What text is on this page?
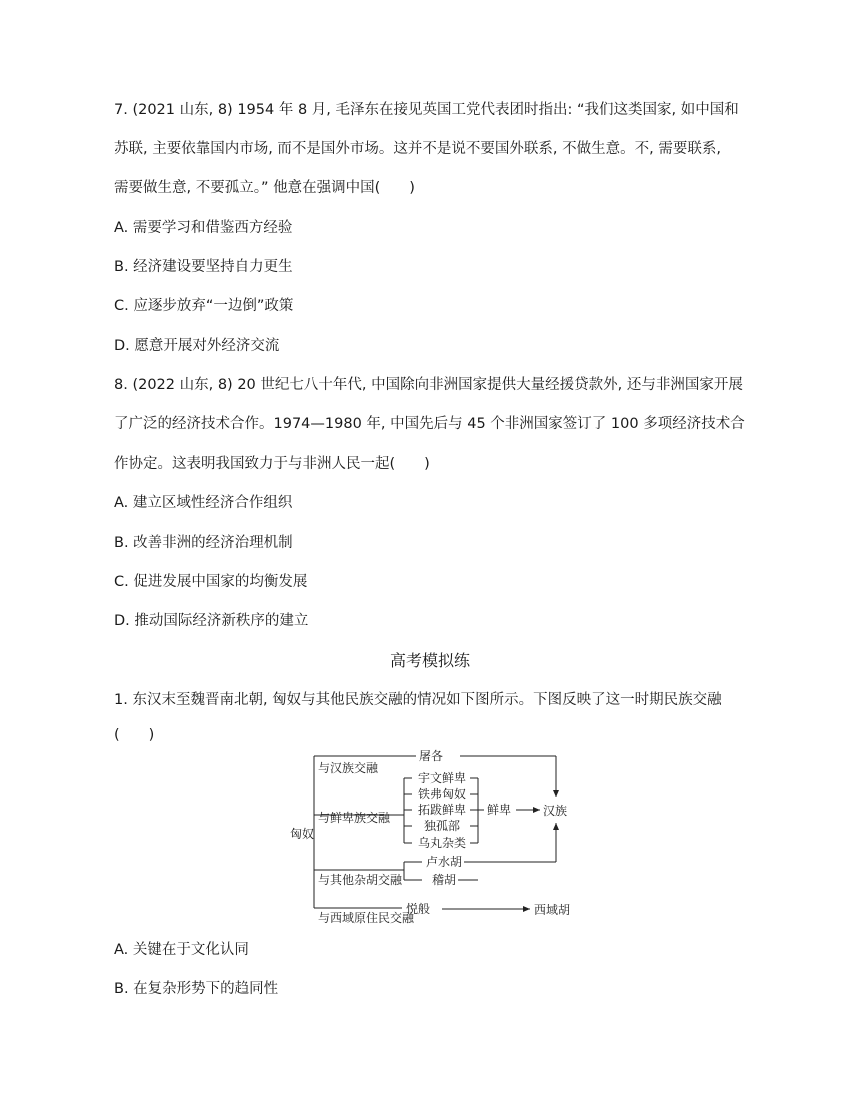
7. (2021 山东, 8) 1954 年 8 月, 毛泽东在接见英国工党代表团时指出: “我们这类国家, 如中国和
苏联, 主要依靠国内市场, 而不是国外市场。这并不是说不要国外联系, 不做生意。不, 需要联系,
需要做生意, 不要孤立。” 他意在强调中国(　　)
A. 需要学习和借鉴西方经验
B. 经济建设要坚持自力更生
C. 应逐步放弃“一边倒”政策
D. 愿意开展对外经济交流
8. (2022 山东, 8) 20 世纪七八十年代, 中国除向非洲国家提供大量经援贷款外, 还与非洲国家开展
了广泛的经济技术合作。1974—1980 年, 中国先后与 45 个非洲国家签订了 100 多项经济技术合
作协定。这表明我国致力于与非洲人民一起(　　)
A. 建立区域性经济合作组织
B. 改善非洲的经济治理机制
C. 促进发展中国家的均衡发展
D. 推动国际经济新秩序的建立
高考模拟练
1. 东汉末至魏晋南北朝, 匈奴与其他民族交融的情况如下图所示。下图反映了这一时期民族交融
(　　)
匈奴
与汉族交融
与鲜卑族交融
与其他杂胡交融
与西域原住民交融
屠各
宇文鲜卑
铁弗匈奴
拓跋鲜卑
独孤部
乌丸杂类
鲜卑	汉族
卢水胡
稽胡
悦般	西域胡
A. 关键在于文化认同
B. 在复杂形势下的趋同性
